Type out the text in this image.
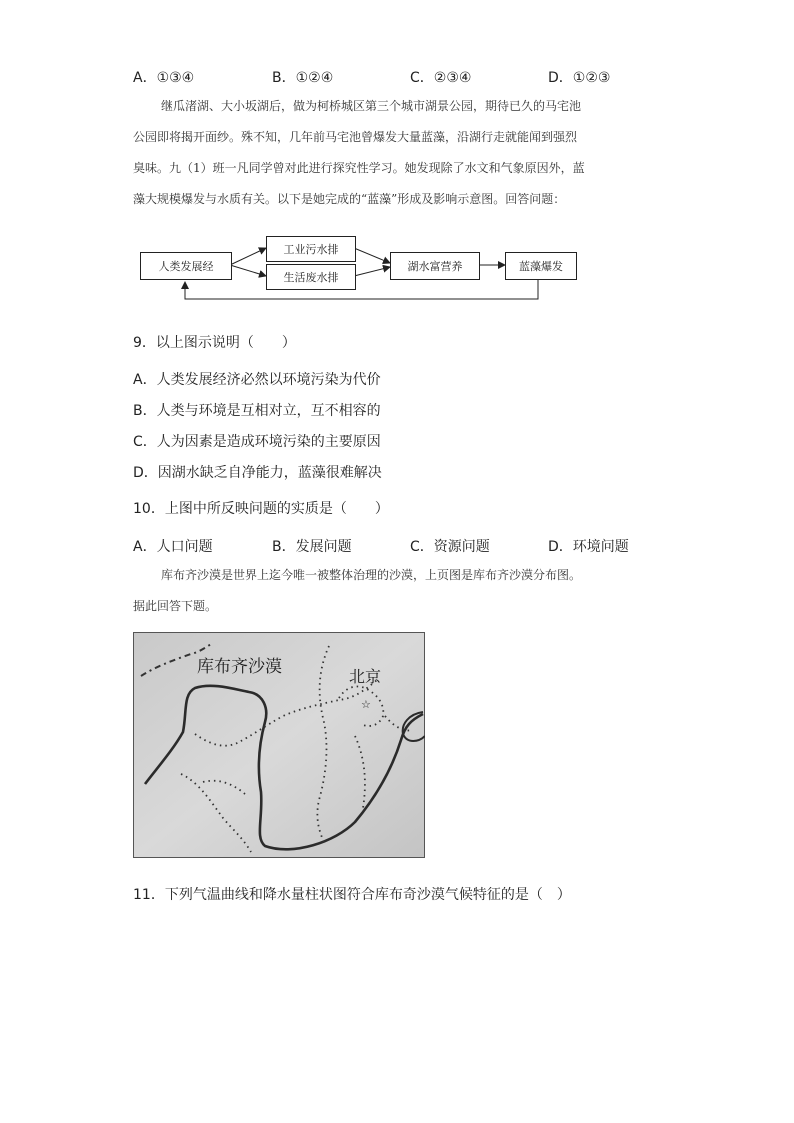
A．①③④	B．①②④	C．②③④	D．①②③

继瓜渚湖、大小坂湖后，做为柯桥城区第三个城市湖景公园，期待已久的马宅池

公园即将揭开面纱。殊不知，几年前马宅池曾爆发大量蓝藻，沿湖行走就能闻到强烈

臭味。九（1）班一凡同学曾对此进行探究性学习。她发现除了水文和气象原因外，蓝

藻大规模爆发与水质有关。以下是她完成的“蓝藻”形成及影响示意图。回答问题：

人类发展经
工业污水排
生活废水排
湖水富营养	蓝藻爆发
9．以上图示说明（　　）
A．人类发展经济必然以环境污染为代价
B．人类与环境是互相对立，互不相容的
C．人为因素是造成环境污染的主要原因
D．因湖水缺乏自净能力，蓝藻很难解决
10．上图中所反映问题的实质是（　　）
A．人口问题	B．发展问题	C．资源问题	D．环境问题

库布齐沙漠是世界上迄今唯一被整体治理的沙漠，上页图是库布齐沙漠分布图。

据此回答下题。

☆
库布齐沙漠	北京
11．下列气温曲线和降水量柱状图符合库布奇沙漠气候特征的是（　）
